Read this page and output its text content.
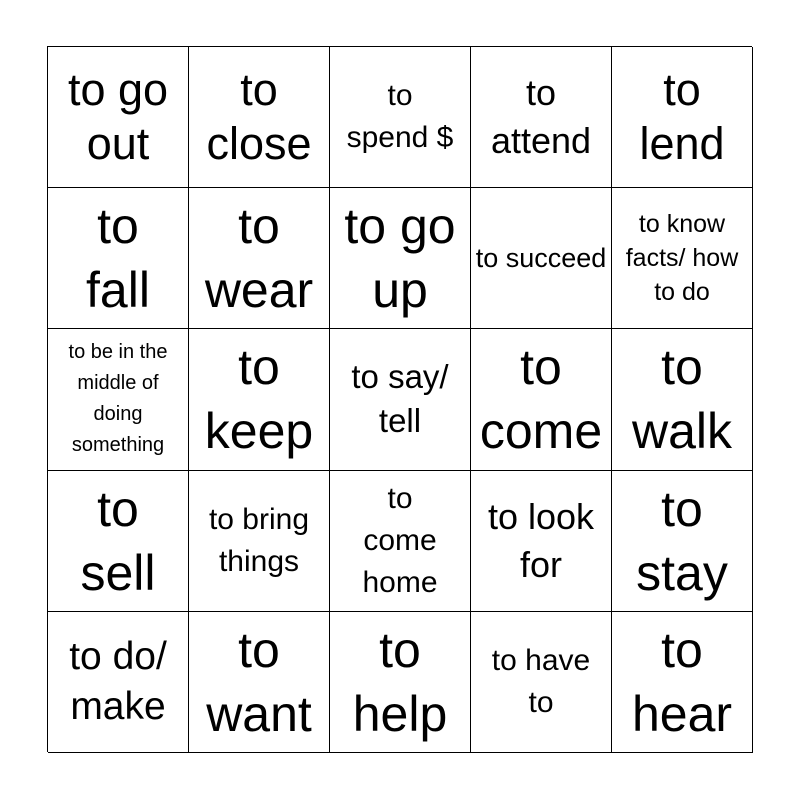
to go out
to close
to spend $
to attend
to lend
to fall
to wear
to go up
to succeed
to know facts/ how to do
to be in the middle of doing something
to keep
to say/ tell
to come
to walk
to sell
to bring things
to come home
to look for
to stay
to do/ make
to want
to help
to have to
to hear
